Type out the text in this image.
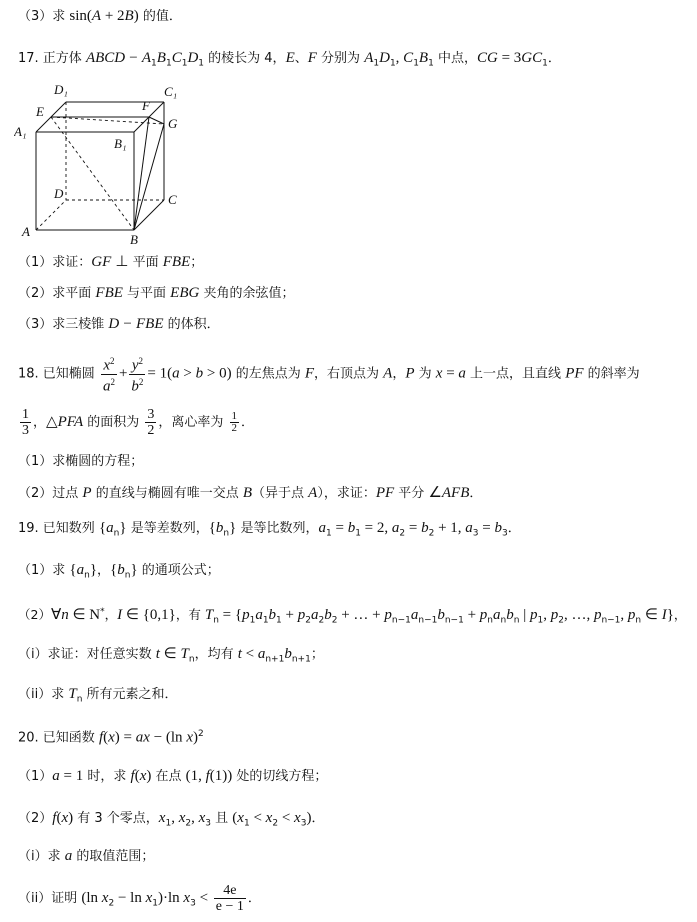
（3）求 sin(A + 2B) 的值．
17. 正方体 ABCD − $A_1B_1C_1D_1$ 的棱长为 4，E、F 分别为 $A_1D_1$, $C_1B_1$ 中点，CG = $3GC_1$．
D₁	C₁
E	F
A₁
B₁
G
D	C
A
B
（1）求证：GF ⊥ 平面 FBE；
（2）求平面 FBE 与平面 EBG 夹角的余弦值；
（3）求三棱锥 D − FBE 的体积．
18. 已知椭圆 $\frac{x^2}{a^2} + \frac{y^2}{b^2} = 1(a > b > 0)$ 的左焦点为 F，右顶点为 A，P 为 x = a 上一点，且直线 PF 的斜率为
$\frac{1}{3}$ ，△PFA 的面积为 $\frac{3}{2}$ ，离心率为 $\frac{1}{2}$ ．
（1）求椭圆的方程；
（2）过点 P 的直线与椭圆有唯一交点 B（异于点 A），求证：PF 平分 ∠AFB．
19. 已知数列 $\{a_n\}$ 是等差数列，$\{b_n\}$ 是等比数列，$a_1 = b_1 = 2$, $a_2 = b_2 + 1$, $a_3 = b_3$．
（1）求 $\{a_n\}$，$\{b_n\}$ 的通项公式；
（2）∀n ∈ N*，I ∈ {0,1}，有 $T_n = \{p_1a_1b_1 + p_2a_2b_2$ + … + $p_{n-1}a_{n-1}b_{n-1} + p_na_nb_n$ | $p_1$, $p_2$, …, $p_{n-1}$, $p_n$ ∈ I}，
（i）求证：对任意实数 t ∈ $T_n$，均有 $t < a_{n+1}b_{n+1}$；
（ii）求 $T_n$ 所有元素之和．
20. 已知函数 f(x) = ax − (ln x)$^2$
（1）a = 1 时，求 f(x) 在点 (1, f(1)) 处的切线方程；
（2）f(x) 有 3 个零点，$x_1$, $x_2$, $x_3$ 且 $(x_1 < x_2 < x_3)$．
（i）求 a 的取值范围；
（ii）证明 (ln $x_2 - \ln x_1)\cdot\ln$ $x_3 < \frac{4e}{e - 1}$ ．
